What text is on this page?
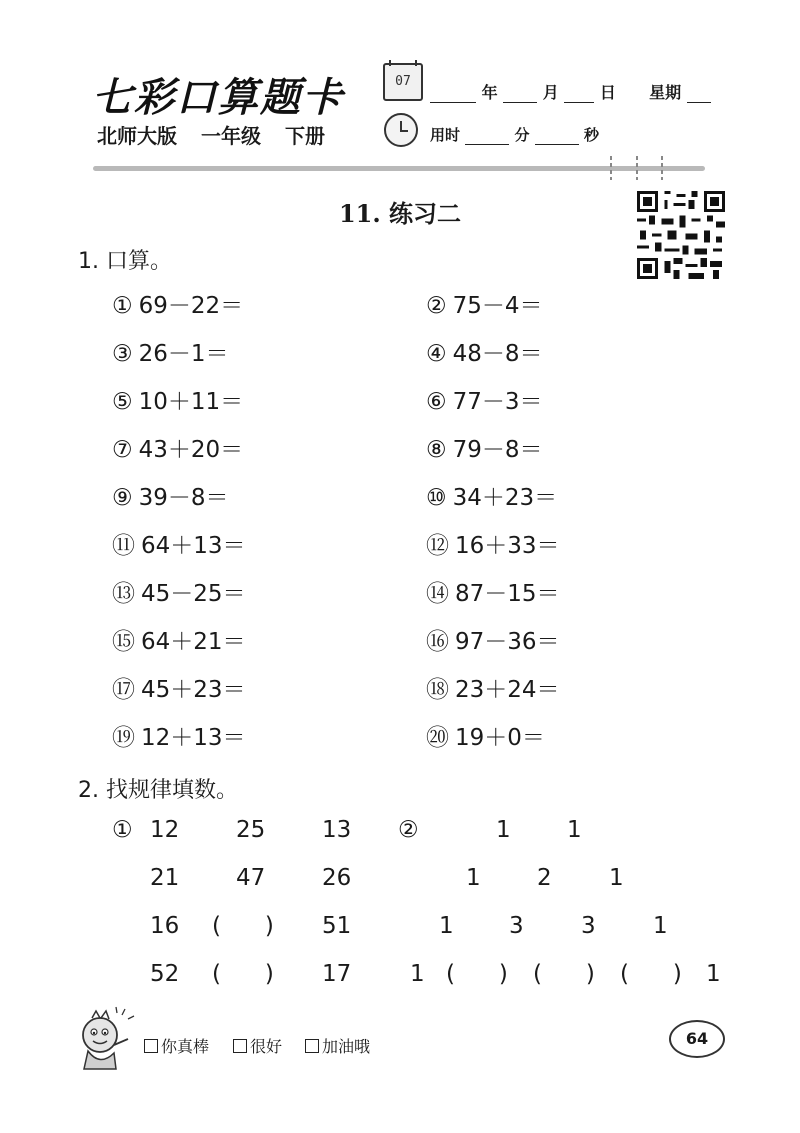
七彩口算题卡	07
年	月	日 星期
北师大版 一年级 下册	用时	分	秒
11. 练习二
1. 口算。
① 69－22＝	② 75－4＝
③ 26－1＝	④ 48－8＝
⑤ 10＋11＝	⑥ 77－3＝
⑦ 43＋20＝	⑧ 79－8＝
⑨ 39－8＝	⑩ 34＋23＝
⑪ 64＋13＝	⑫ 16＋33＝
⑬ 45－25＝	⑭ 87－15＝
⑮ 64＋21＝	⑯ 97－36＝
⑰ 45＋23＝	⑱ 23＋24＝
⑲ 12＋13＝	⑳ 19＋0＝
2. 找规律填数。
①	②
12 25 13
21 47 26
16 (      ) 51
52 (      ) 17
1 1
1 2 1
1 3 3 1
1 (      ) (      ) (      ) 1
你真棒	很好	加油哦	64
